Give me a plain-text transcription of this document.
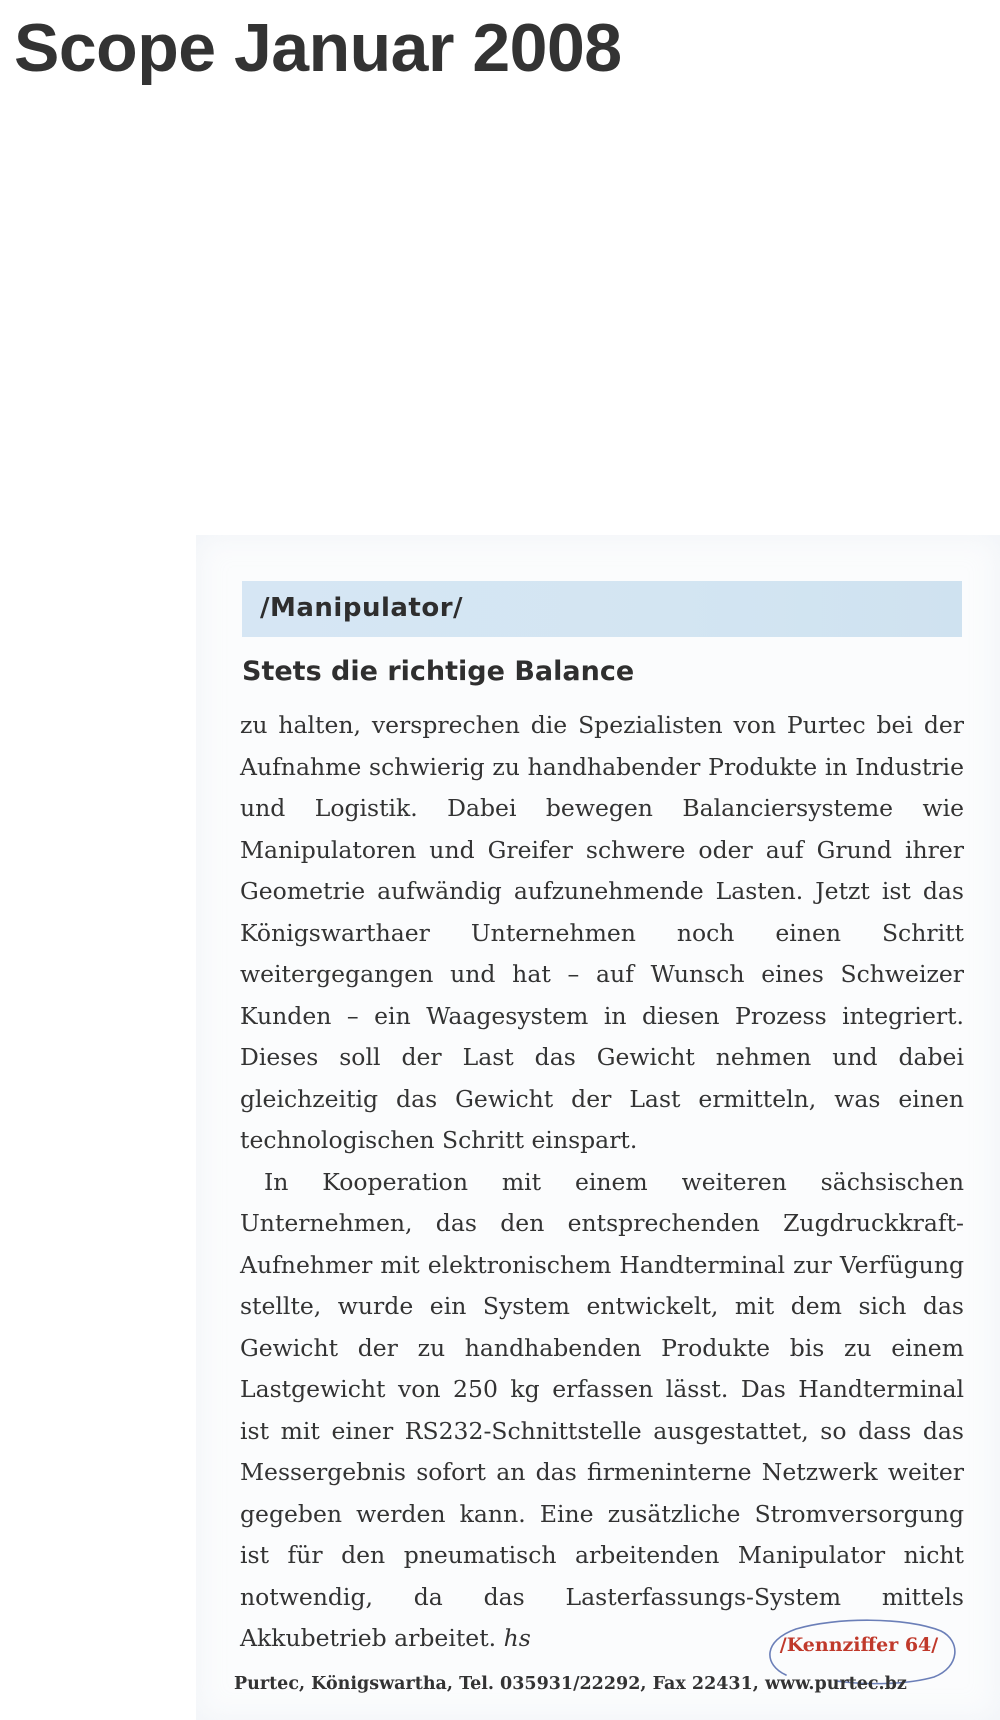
Scope Januar 2008
/Manipulator/
Stets die richtige Balance

zu halten, versprechen die Spezialisten von Purtec bei der Aufnahme schwierig zu handhabender Produkte in Industrie und Logistik. Dabei bewegen Balanciersysteme wie Manipulatoren und Greifer schwere oder auf Grund ihrer Geometrie aufwändig aufzunehmende Lasten. Jetzt ist das Königswarthaer Unternehmen noch einen Schritt weitergegangen und hat – auf Wunsch eines Schweizer Kunden – ein Waagesystem in diesen Prozess integriert. Dieses soll der Last das Gewicht nehmen und dabei gleichzeitig das Gewicht der Last ermitteln, was einen technologischen Schritt einspart.

In Kooperation mit einem weiteren sächsischen Unternehmen, das den entsprechenden Zugdruckkraft-Aufnehmer mit elektronischem Handterminal zur Verfügung stellte, wurde ein System entwickelt, mit dem sich das Gewicht der zu handhabenden Produkte bis zu einem Lastgewicht von 250 kg erfassen lässt. Das Handterminal ist mit einer RS232-Schnittstelle ausgestattet, so dass das Messergebnis sofort an das firmeninterne Netzwerk weiter gegeben werden kann. Eine zusätzliche Stromversorgung ist für den pneumatisch arbeitenden Manipulator nicht notwendig, da das Lasterfassungs-System mittels Akkubetrieb arbeitet. hs	/Kennziffer 64/
Purtec, Königswartha, Tel. 035931/22292, Fax 22431, www.purtec.bz
